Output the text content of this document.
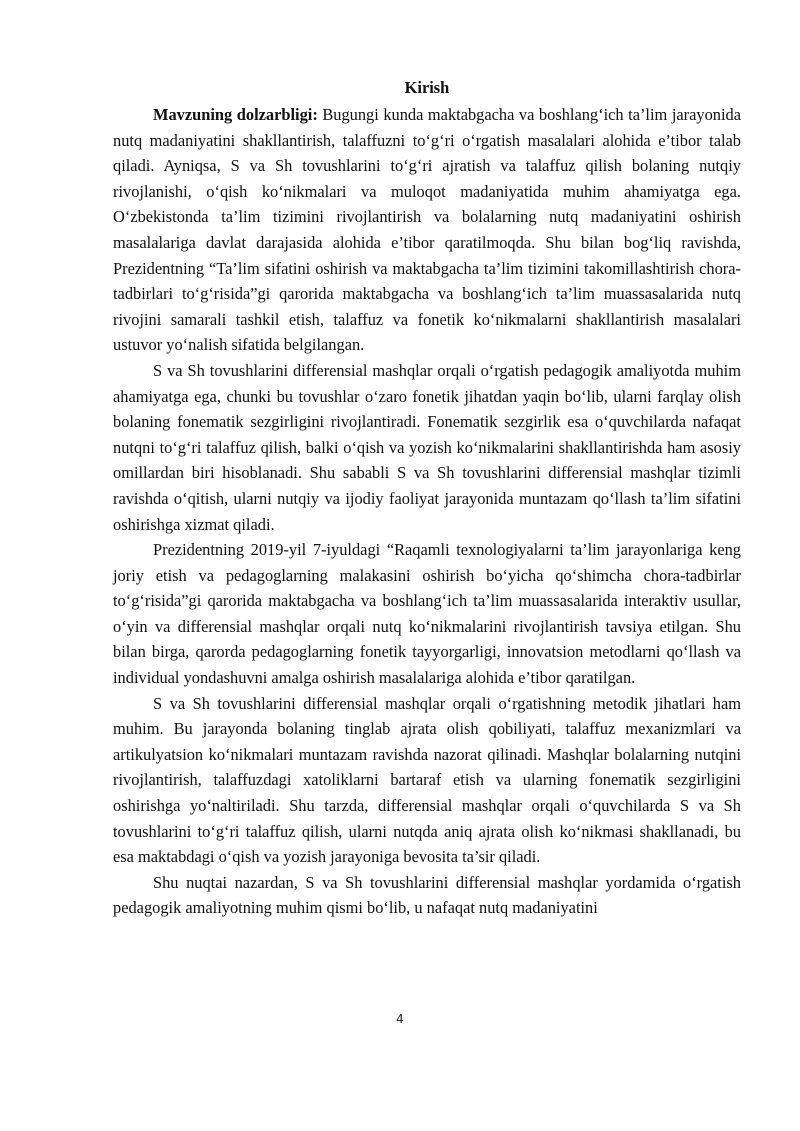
Kirish

Mavzuning dolzarbligi: Bugungi kunda maktabgacha va boshlang‘ich ta’lim jarayonida nutq madaniyatini shakllantirish, talaffuzni to‘g‘ri o‘rgatish masalalari alohida e’tibor talab qiladi. Ayniqsa, S va Sh tovushlarini to‘g‘ri ajratish va talaffuz qilish bolaning nutqiy rivojlanishi, o‘qish ko‘nikmalari va muloqot madaniyatida muhim ahamiyatga ega. O‘zbekistonda ta’lim tizimini rivojlantirish va bolalarning nutq madaniyatini oshirish masalalariga davlat darajasida alohida e’tibor qaratilmoqda. Shu bilan bog‘liq ravishda, Prezidentning “Ta’lim sifatini oshirish va maktabgacha ta’lim tizimini takomillashtirish chora-tadbirlari to‘g‘risida”gi qarorida maktabgacha va boshlang‘ich ta’lim muassasalarida nutq rivojini samarali tashkil etish, talaffuz va fonetik ko‘nikmalarni shakllantirish masalalari ustuvor yo‘nalish sifatida belgilangan.

S va Sh tovushlarini differensial mashqlar orqali o‘rgatish pedagogik amaliyotda muhim ahamiyatga ega, chunki bu tovushlar o‘zaro fonetik jihatdan yaqin bo‘lib, ularni farqlay olish bolaning fonematik sezgirligini rivojlantiradi. Fonematik sezgirlik esa o‘quvchilarda nafaqat nutqni to‘g‘ri talaffuz qilish, balki o‘qish va yozish ko‘nikmalarini shakllantirishda ham asosiy omillardan biri hisoblanadi. Shu sababli S va Sh tovushlarini differensial mashqlar tizimli ravishda o‘qitish, ularni nutqiy va ijodiy faoliyat jarayonida muntazam qo‘llash ta’lim sifatini oshirishga xizmat qiladi.

Prezidentning 2019-yil 7-iyuldagi “Raqamli texnologiyalarni ta’lim jarayonlariga keng joriy etish va pedagoglarning malakasini oshirish bo‘yicha qo‘shimcha chora-tadbirlar to‘g‘risida”gi qarorida maktabgacha va boshlang‘ich ta’lim muassasalarida interaktiv usullar, o‘yin va differensial mashqlar orqali nutq ko‘nikmalarini rivojlantirish tavsiya etilgan. Shu bilan birga, qarorda pedagoglarning fonetik tayyorgarligi, innovatsion metodlarni qo‘llash va individual yondashuvni amalga oshirish masalalariga alohida e’tibor qaratilgan.

S va Sh tovushlarini differensial mashqlar orqali o‘rgatishning metodik jihatlari ham muhim. Bu jarayonda bolaning tinglab ajrata olish qobiliyati, talaffuz mexanizmlari va artikulyatsion ko‘nikmalari muntazam ravishda nazorat qilinadi. Mashqlar bolalarning nutqini rivojlantirish, talaffuzdagi xatoliklarni bartaraf etish va ularning fonematik sezgirligini oshirishga yo‘naltiriladi. Shu tarzda, differensial mashqlar orqali o‘quvchilarda S va Sh tovushlarini to‘g‘ri talaffuz qilish, ularni nutqda aniq ajrata olish ko‘nikmasi shakllanadi, bu esa maktabdagi o‘qish va yozish jarayoniga bevosita ta’sir qiladi.

Shu nuqtai nazardan, S va Sh tovushlarini differensial mashqlar yordamida o‘rgatish pedagogik amaliyotning muhim qismi bo‘lib, u nafaqat nutq madaniyatini

4
